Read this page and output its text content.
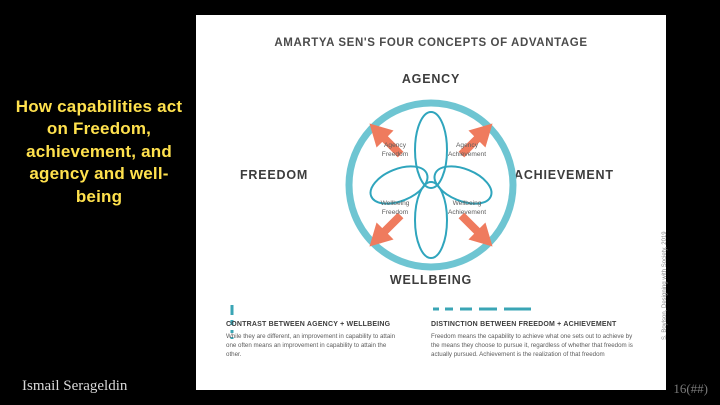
How capabilities act on Freedom, achievement, and agency and well-being
Ismail Serageldin	16(##)
AMARTYA SEN'S FOUR CONCEPTS OF ADVANTAGE
AGENCY
WELLBEING
FREEDOM	ACHIEVEMENT
Agency
Freedom
Agency
Achievement
Wellbeing
Freedom
Wellbeing
Achievement
CONTRAST BETWEEN AGENCY + WELLBEING
While they are different, an improvement in capability to attain one often means an improvement in capability to attain the other.
DISTINCTION BETWEEN FREEDOM + ACHIEVEMENT
Freedom means the capability to achieve what one sets out to achieve by the means they choose to pursue it, regardless of whether that freedom is actually pursued. Achievement is the realization of that freedom
S. Boylson, Designing with Society, 2019
